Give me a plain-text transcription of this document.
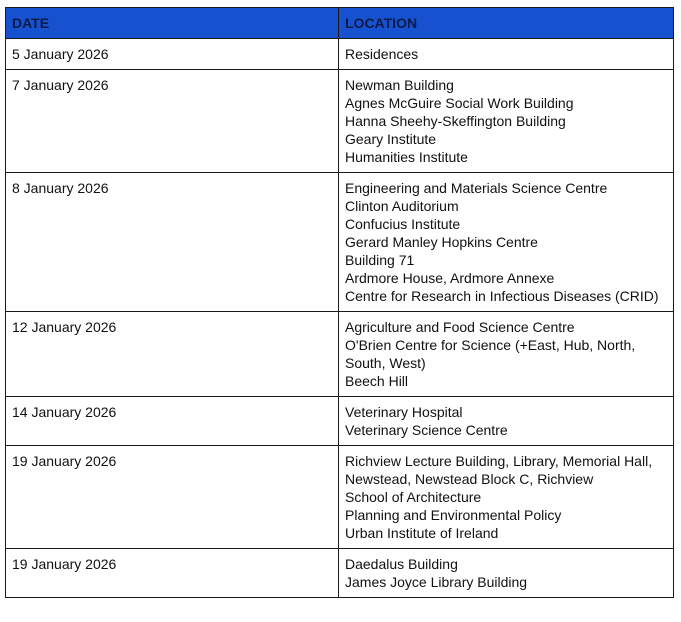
DATE	LOCATION
5 January 2026	Residences

7 January 2026	Newman Building
Agnes McGuire Social Work Building
Hanna Sheehy-Skeffington Building
Geary Institute
Humanities Institute

8 January 2026	Engineering and Materials Science Centre
Clinton Auditorium
Confucius Institute
Gerard Manley Hopkins Centre
Building 71
Ardmore House, Ardmore Annexe
Centre for Research in Infectious Diseases (CRID)

12 January 2026	Agriculture and Food Science Centre
O'Brien Centre for Science (+East, Hub, North, South, West)
Beech Hill

14 January 2026	Veterinary Hospital
Veterinary Science Centre

19 January 2026	Richview Lecture Building, Library, Memorial Hall, Newstead, Newstead Block C, Richview
School of Architecture
Planning and Environmental Policy
Urban Institute of Ireland

19 January 2026	Daedalus Building
James Joyce Library Building
